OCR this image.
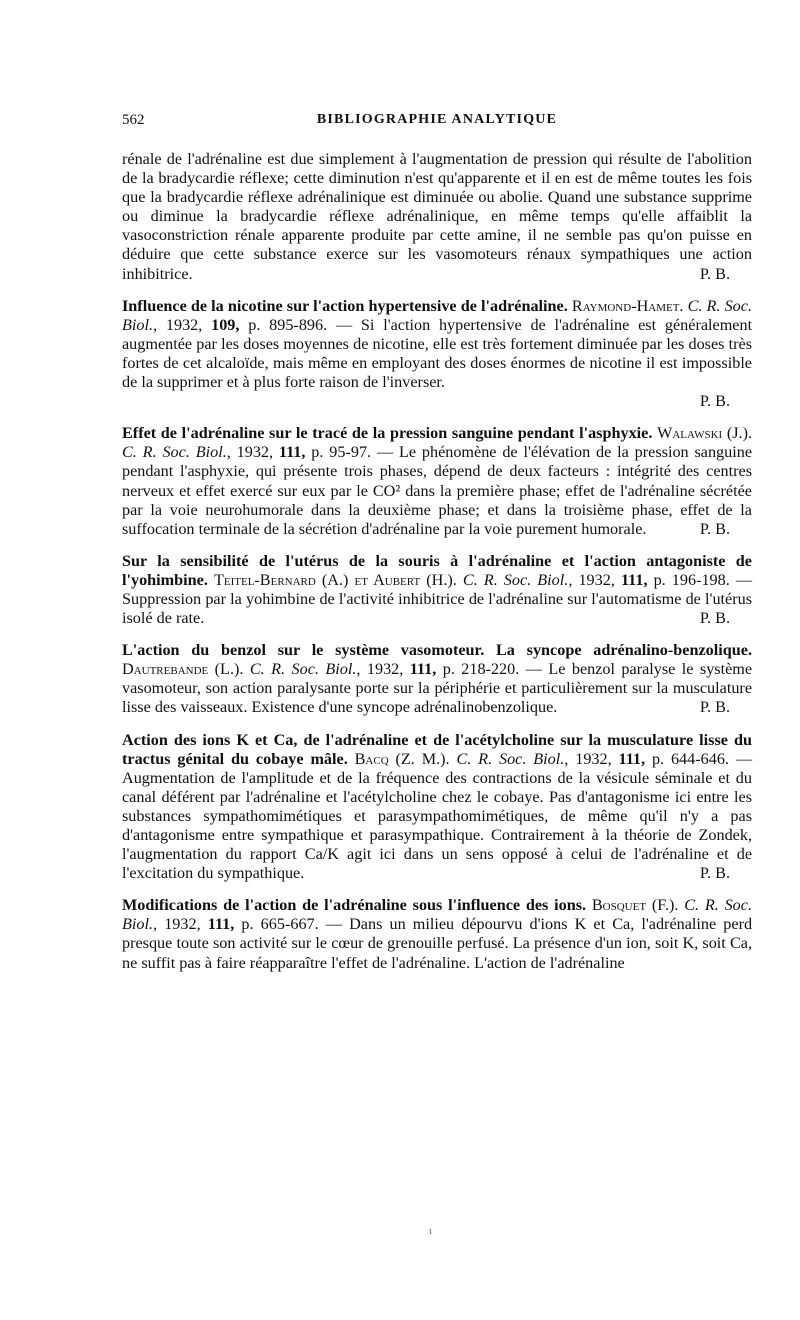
562	BIBLIOGRAPHIE ANALYTIQUE

rénale de l'adrénaline est due simplement à l'augmentation de pression qui résulte de l'abolition de la bradycardie réflexe; cette diminution n'est qu'apparente et il en est de même toutes les fois que la bradycardie réflexe adrénalinique est diminuée ou abolie. Quand une substance supprime ou diminue la bradycardie réflexe adrénalinique, en même temps qu'elle affaiblit la vasoconstriction rénale apparente produite par cette amine, il ne semble pas qu'on puisse en déduire que cette substance exerce sur les vasomoteurs rénaux sympathiques une action inhibitrice.	P. B.

Influence de la nicotine sur l'action hypertensive de l'adrénaline. Raymond-Hamet. C. R. Soc. Biol., 1932, 109, p. 895-896. — Si l'action hypertensive de l'adrénaline est généralement augmentée par les doses moyennes de nicotine, elle est très fortement diminuée par les doses très fortes de cet alcaloïde, mais même en employant des doses énormes de nicotine il est impossible de la supprimer et à plus forte raison de l'inverser.

P. B.

Effet de l'adrénaline sur le tracé de la pression sanguine pendant l'asphyxie. Walawski (J.). C. R. Soc. Biol., 1932, 111, p. 95-97. — Le phénomène de l'élévation de la pression sanguine pendant l'asphyxie, qui présente trois phases, dépend de deux facteurs : intégrité des centres nerveux et effet exercé sur eux par le CO² dans la première phase; effet de l'adrénaline sécrétée par la voie neurohumorale dans la deuxième phase; et dans la troisième phase, effet de la suffocation terminale de la sécrétion d'adrénaline par la voie purement humorale.	P. B.

Sur la sensibilité de l'utérus de la souris à l'adrénaline et l'action antagoniste de l'yohimbine. Teitel-Bernard (A.) et Aubert (H.). C. R. Soc. Biol., 1932, 111, p. 196-198. — Suppression par la yohimbine de l'activité inhibitrice de l'adrénaline sur l'automatisme de l'utérus isolé de rate.	P. B.

L'action du benzol sur le système vasomoteur. La syncope adrénalino-benzolique. Dautrebande (L.). C. R. Soc. Biol., 1932, 111, p. 218-220. — Le benzol paralyse le système vasomoteur, son action paralysante porte sur la périphérie et particulièrement sur la musculature lisse des vaisseaux. Existence d'une syncope adrénalinobenzolique.	P. B.

Action des ions K et Ca, de l'adrénaline et de l'acétylcholine sur la musculature lisse du tractus génital du cobaye mâle. Bacq (Z. M.). C. R. Soc. Biol., 1932, 111, p. 644-646. — Augmentation de l'amplitude et de la fréquence des contractions de la vésicule séminale et du canal déférent par l'adrénaline et l'acétylcholine chez le cobaye. Pas d'antagonisme ici entre les substances sympathomimétiques et parasympathomimétiques, de même qu'il n'y a pas d'antagonisme entre sympathique et parasympathique. Contrairement à la théorie de Zondek, l'augmentation du rapport Ca/K agit ici dans un sens opposé à celui de l'adrénaline et de l'excitation du sympathique.	P. B.

Modifications de l'action de l'adrénaline sous l'influence des ions. Bosquet (F.). C. R. Soc. Biol., 1932, 111, p. 665-667. — Dans un milieu dépourvu d'ions K et Ca, l'adrénaline perd presque toute son activité sur le cœur de grenouille perfusé. La présence d'un ion, soit K, soit Ca, ne suffit pas à faire réapparaître l'effet de l'adrénaline. L'action de l'adrénaline

ι
